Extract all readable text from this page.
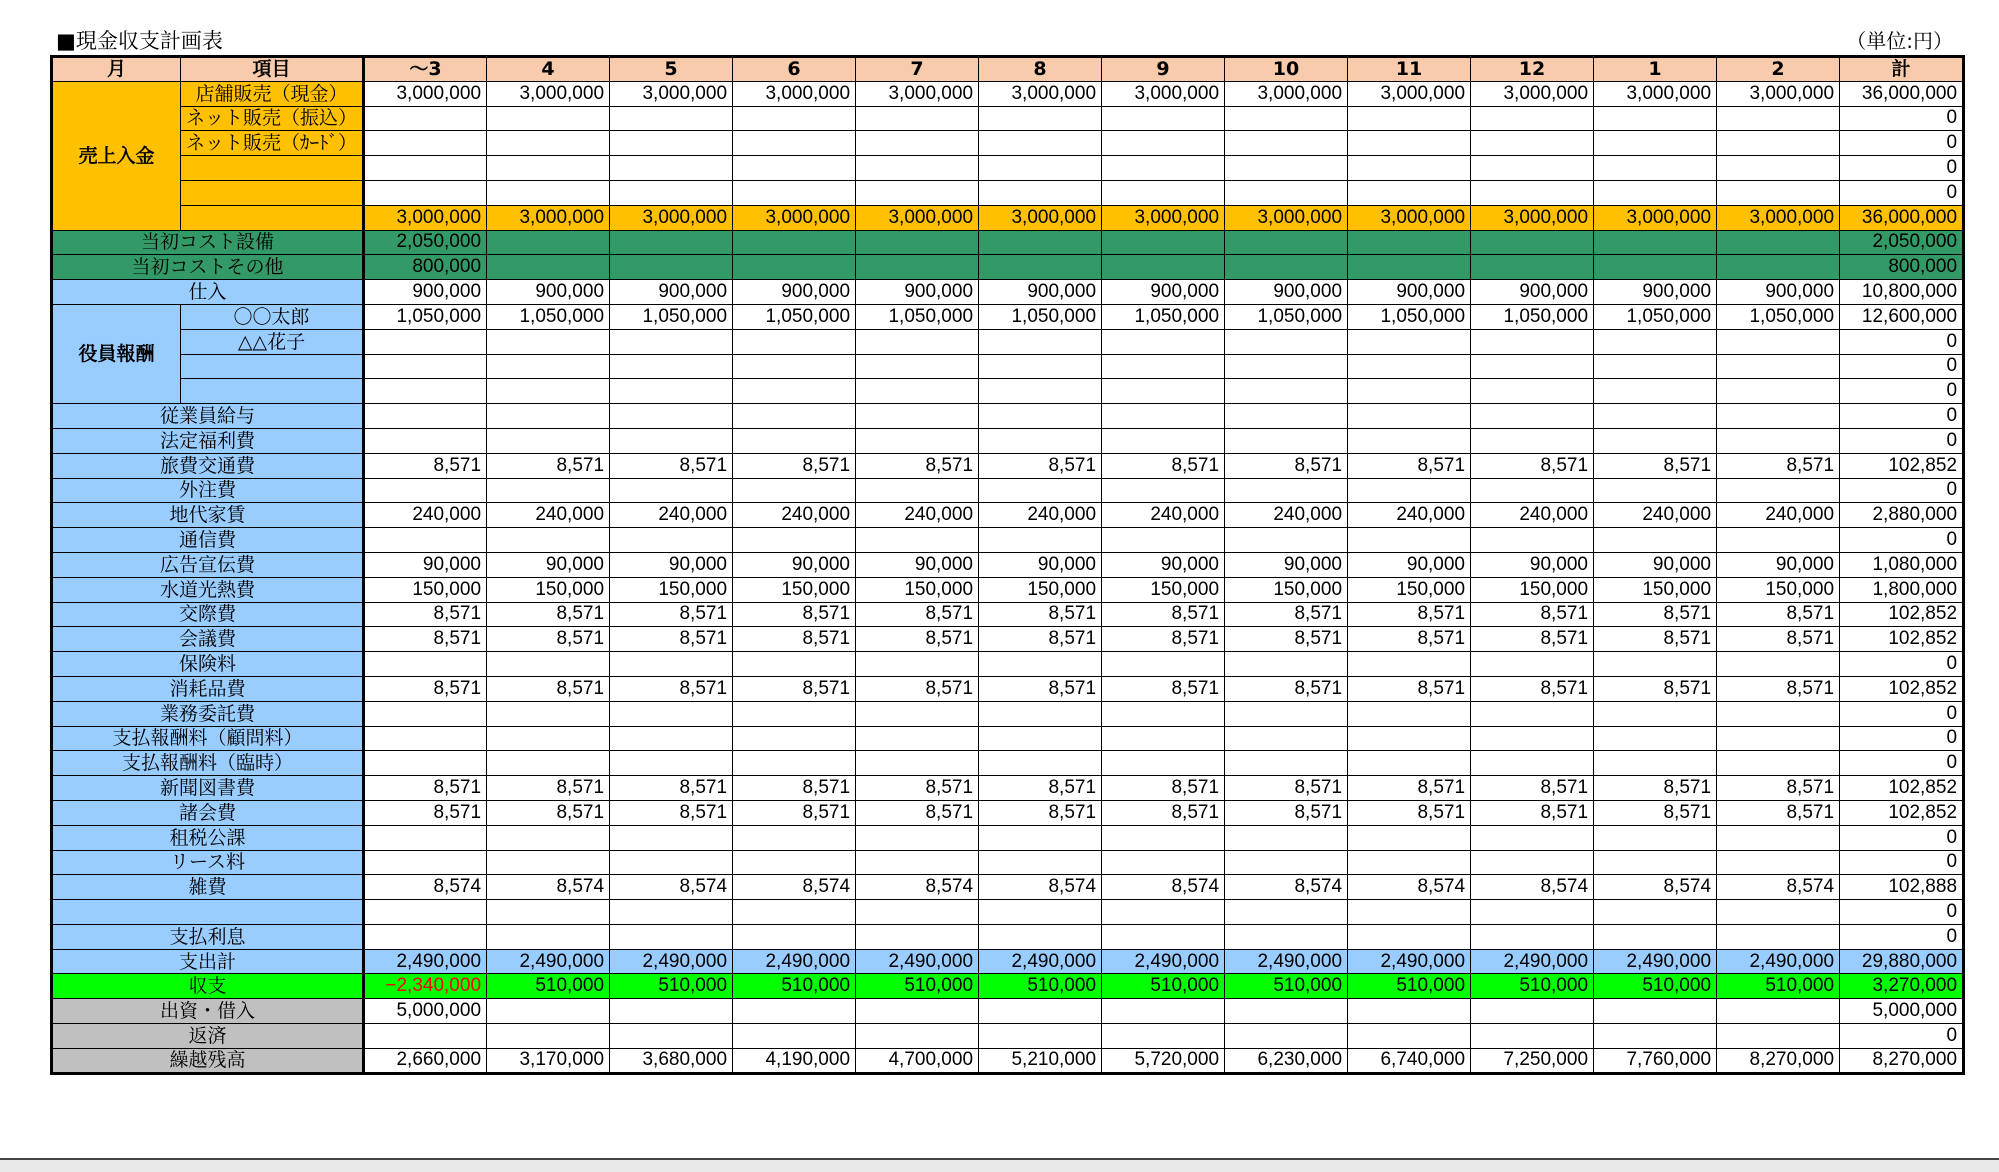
■現金収支計画表	（単位:円）
月	項目	～3	4	5	6	7	8	9	10	11	12	1	2	計
売上入金	店舗販売（現金）	3,000,000	3,000,000	3,000,000	3,000,000	3,000,000	3,000,000	3,000,000	3,000,000	3,000,000	3,000,000	3,000,000	3,000,000	36,000,000
	ネット販売（振込）													0
	ネット販売（ｶｰﾄﾞ）													0
														0
														0
		3,000,000	3,000,000	3,000,000	3,000,000	3,000,000	3,000,000	3,000,000	3,000,000	3,000,000	3,000,000	3,000,000	3,000,000	36,000,000
当初コスト設備		2,050,000												2,050,000
当初コストその他		800,000												800,000
仕入		900,000	900,000	900,000	900,000	900,000	900,000	900,000	900,000	900,000	900,000	900,000	900,000	10,800,000
役員報酬	〇〇太郎	1,050,000	1,050,000	1,050,000	1,050,000	1,050,000	1,050,000	1,050,000	1,050,000	1,050,000	1,050,000	1,050,000	1,050,000	12,600,000
	△△花子													0
														0
														0
従業員給与														0
法定福利費														0
旅費交通費		8,571	8,571	8,571	8,571	8,571	8,571	8,571	8,571	8,571	8,571	8,571	8,571	102,852
外注費														0
地代家賃		240,000	240,000	240,000	240,000	240,000	240,000	240,000	240,000	240,000	240,000	240,000	240,000	2,880,000
通信費														0
広告宣伝費		90,000	90,000	90,000	90,000	90,000	90,000	90,000	90,000	90,000	90,000	90,000	90,000	1,080,000
水道光熱費		150,000	150,000	150,000	150,000	150,000	150,000	150,000	150,000	150,000	150,000	150,000	150,000	1,800,000
交際費		8,571	8,571	8,571	8,571	8,571	8,571	8,571	8,571	8,571	8,571	8,571	8,571	102,852
会議費		8,571	8,571	8,571	8,571	8,571	8,571	8,571	8,571	8,571	8,571	8,571	8,571	102,852
保険料														0
消耗品費		8,571	8,571	8,571	8,571	8,571	8,571	8,571	8,571	8,571	8,571	8,571	8,571	102,852
業務委託費														0
支払報酬料（顧問料）														0
支払報酬料（臨時）														0
新聞図書費		8,571	8,571	8,571	8,571	8,571	8,571	8,571	8,571	8,571	8,571	8,571	8,571	102,852
諸会費		8,571	8,571	8,571	8,571	8,571	8,571	8,571	8,571	8,571	8,571	8,571	8,571	102,852
租税公課														0
リース料														0
雑費		8,574	8,574	8,574	8,574	8,574	8,574	8,574	8,574	8,574	8,574	8,574	8,574	102,888
														0
支払利息														0
支出計		2,490,000	2,490,000	2,490,000	2,490,000	2,490,000	2,490,000	2,490,000	2,490,000	2,490,000	2,490,000	2,490,000	2,490,000	29,880,000
収支		−2,340,000	510,000	510,000	510,000	510,000	510,000	510,000	510,000	510,000	510,000	510,000	510,000	3,270,000
出資・借入		5,000,000												5,000,000
返済														0
繰越残高		2,660,000	3,170,000	3,680,000	4,190,000	4,700,000	5,210,000	5,720,000	6,230,000	6,740,000	7,250,000	7,760,000	8,270,000	8,270,000
